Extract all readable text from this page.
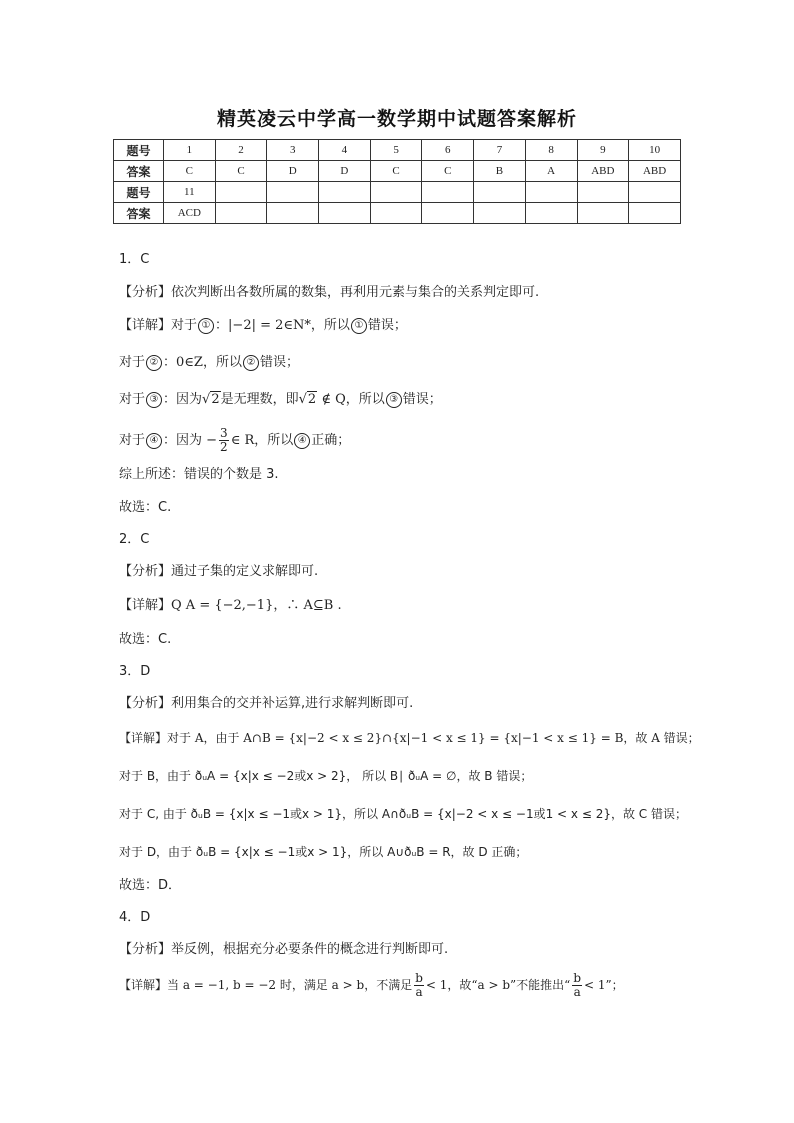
精英凌云中学高一数学期中试题答案解析
题号	1	2	3	4	5	6	7	8	9	10
答案	C	C	D	D	C	C	B	A	ABD	ABD
题号	11									
答案	ACD									
1．C
【分析】依次判断出各数所属的数集，再利用元素与集合的关系判定即可.
【详解】对于 ① ：|−2| = 2∈N*，所以 ① 错误；
对于 ② ：0∈Z，所以 ② 错误；
对于 ③ ：因为√2是无理数，即√2 ∉ Q，所以 ③ 错误；
对于 ④ ：因为 − $\frac{3}{2}$ ∈ R，所以 ④ 正确；
综上所述：错误的个数是 3.
故选：C.
2．C
【分析】通过子集的定义求解即可.
【详解】Q A = {−2,−1}，∴ A⊆B .
故选：C.
3．D
【分析】利用集合的交并补运算,进行求解判断即可.
【详解】对于 A，由于 A∩B = {x|−2 < x ≤ 2}∩{x|−1 < x ≤ 1} = {x|−1 < x ≤ 1} = B，故 A 错误；
对于 B，由于 ðᵤA = {x|x ≤ −2或x > 2}， 所以 B∣ ðᵤA = ∅，故 B 错误；
对于 C, 由于 ðᵤB = {x|x ≤ −1或x > 1}，所以 A∩ðᵤB = {x|−2 < x ≤ −1或1 < x ≤ 2}，故 C 错误；
对于 D，由于 ðᵤB = {x|x ≤ −1或x > 1}，所以 A∪ðᵤB = R，故 D 正确；
故选：D．
4．D
【分析】举反例，根据充分必要条件的概念进行判断即可.
【详解】当 a = −1, b = −2 时，满足 a > b，不满足 $\frac{b}{a} < 1$，故“a > b”不能推出“ $\frac{b}{a} < 1$”；
